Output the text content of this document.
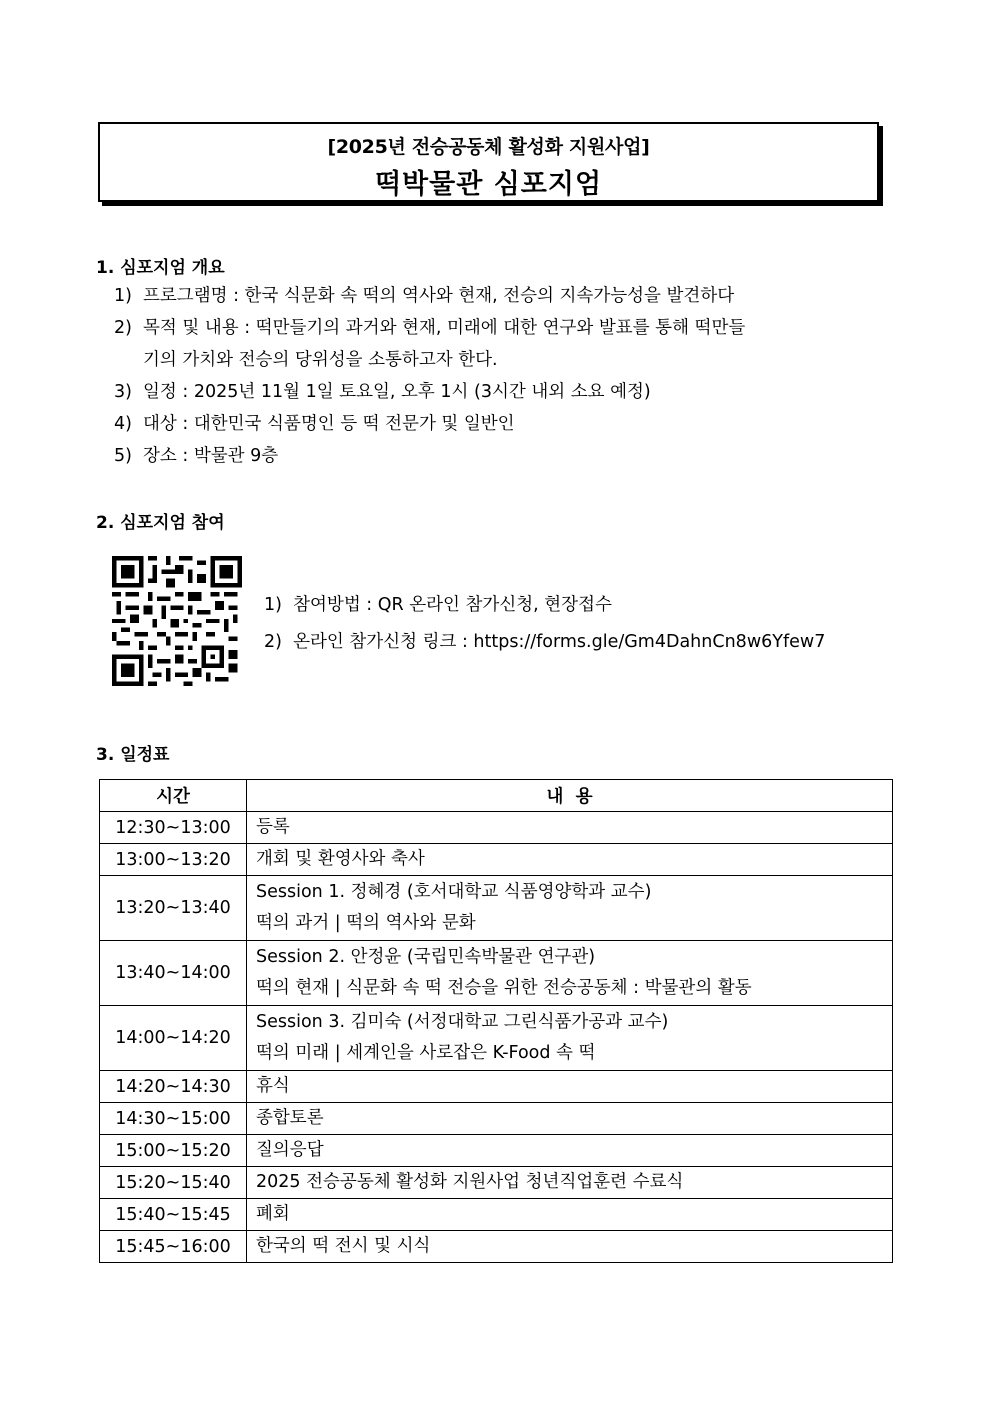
[2025년 전승공동체 활성화 지원사업]
떡박물관 심포지엄
1. 심포지엄 개요
1) 프로그램명 : 한국 식문화 속 떡의 역사와 현재, 전승의 지속가능성을 발견하다
2) 목적 및 내용 : 떡만들기의 과거와 현재, 미래에 대한 연구와 발표를 통해 떡만들
기의 가치와 전승의 당위성을 소통하고자 한다.
3) 일정 : 2025년 11월 1일 토요일, 오후 1시 (3시간 내외 소요 예정)
4) 대상 : 대한민국 식품명인 등 떡 전문가 및 일반인
5) 장소 : 박물관 9층
2. 심포지엄 참여
1) 참여방법 : QR 온라인 참가신청, 현장접수
2) 온라인 참가신청 링크 : https://forms.gle/Gm4DahnCn8w6Yfew7
3. 일정표
시간	내  용
12:30~13:00	등록
13:00~13:20	개회 및 환영사와 축사
13:20~13:40	Session 1. 정혜경 (호서대학교 식품영양학과 교수)
떡의 과거 | 떡의 역사와 문화

13:40~14:00	Session 2. 안정윤 (국립민속박물관 연구관)
떡의 현재 | 식문화 속 떡 전승을 위한 전승공동체 : 박물관의 활동

14:00~14:20	Session 3. 김미숙 (서정대학교 그린식품가공과 교수)
떡의 미래 | 세계인을 사로잡은 K-Food 속 떡

14:20~14:30	휴식
14:30~15:00	종합토론
15:00~15:20	질의응답
15:20~15:40	2025 전승공동체 활성화 지원사업 청년직업훈련 수료식
15:40~15:45	폐회
15:45~16:00	한국의 떡 전시 및 시식
